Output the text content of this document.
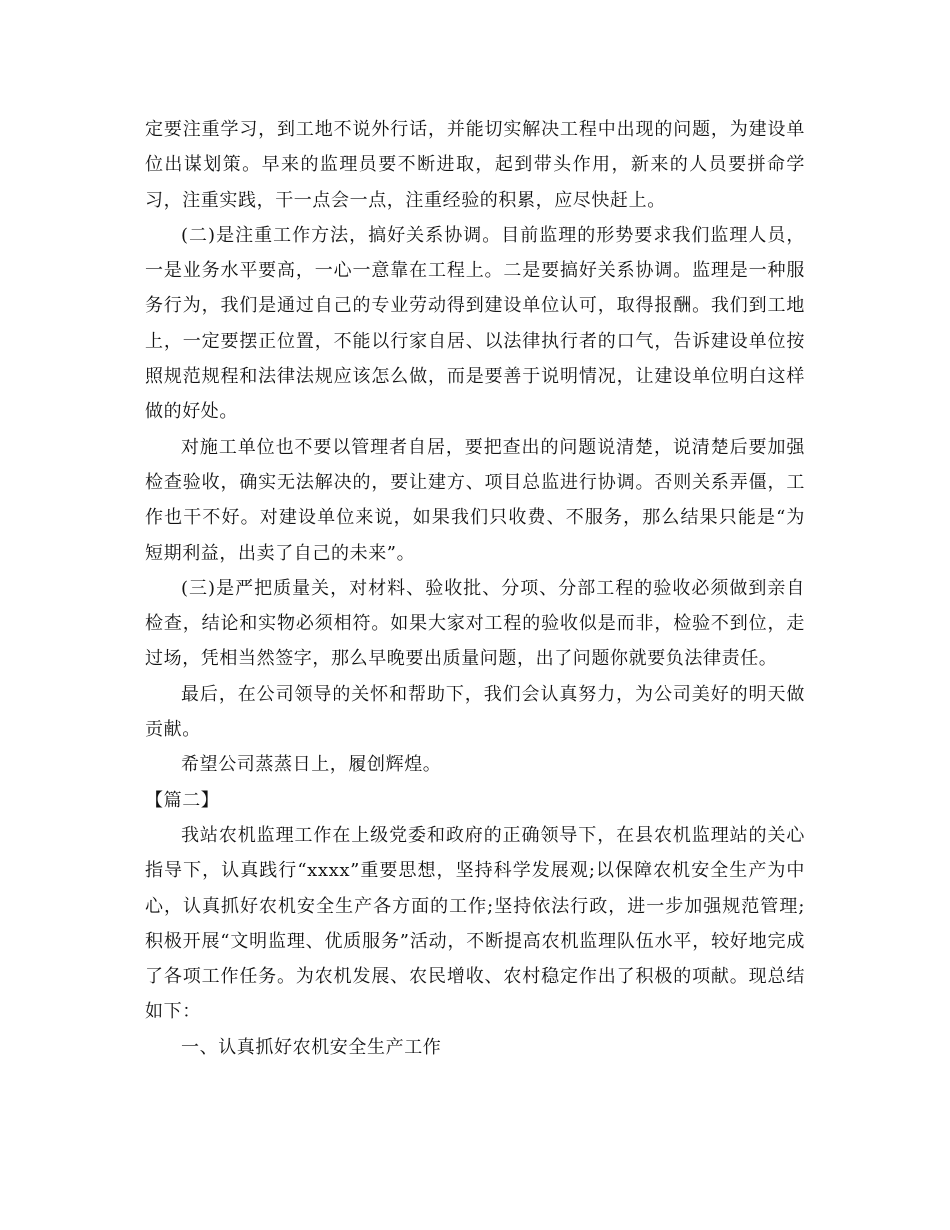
定要注重学习，到工地不说外行话，并能切实解决工程中出现的问题，为建设单位出谋划策。早来的监理员要不断进取，起到带头作用，新来的人员要拼命学习，注重实践，干一点会一点，注重经验的积累，应尽快赶上。

(二)是注重工作方法，搞好关系协调。目前监理的形势要求我们监理人员，一是业务水平要高，一心一意靠在工程上。二是要搞好关系协调。监理是一种服务行为，我们是通过自己的专业劳动得到建设单位认可，取得报酬。我们到工地上，一定要摆正位置，不能以行家自居、以法律执行者的口气，告诉建设单位按照规范规程和法律法规应该怎么做，而是要善于说明情况，让建设单位明白这样做的好处。

对施工单位也不要以管理者自居，要把查出的问题说清楚，说清楚后要加强检查验收，确实无法解决的，要让建方、项目总监进行协调。否则关系弄僵，工作也干不好。对建设单位来说，如果我们只收费、不服务，那么结果只能是“为短期利益，出卖了自己的未来”。

(三)是严把质量关，对材料、验收批、分项、分部工程的验收必须做到亲自检查，结论和实物必须相符。如果大家对工程的验收似是而非，检验不到位，走过场，凭相当然签字，那么早晚要出质量问题，出了问题你就要负法律责任。

最后，在公司领导的关怀和帮助下，我们会认真努力，为公司美好的明天做贡献。

希望公司蒸蒸日上，履创辉煌。

【篇二】

我站农机监理工作在上级党委和政府的正确领导下，在县农机监理站的关心指导下，认真践行“xxxx”重要思想，坚持科学发展观;以保障农机安全生产为中心，认真抓好农机安全生产各方面的工作;坚持依法行政，进一步加强规范管理;积极开展“文明监理、优质服务”活动，不断提高农机监理队伍水平，较好地完成了各项工作任务。为农机发展、农民增收、农村稳定作出了积极的项献。现总结如下：

一、认真抓好农机安全生产工作
